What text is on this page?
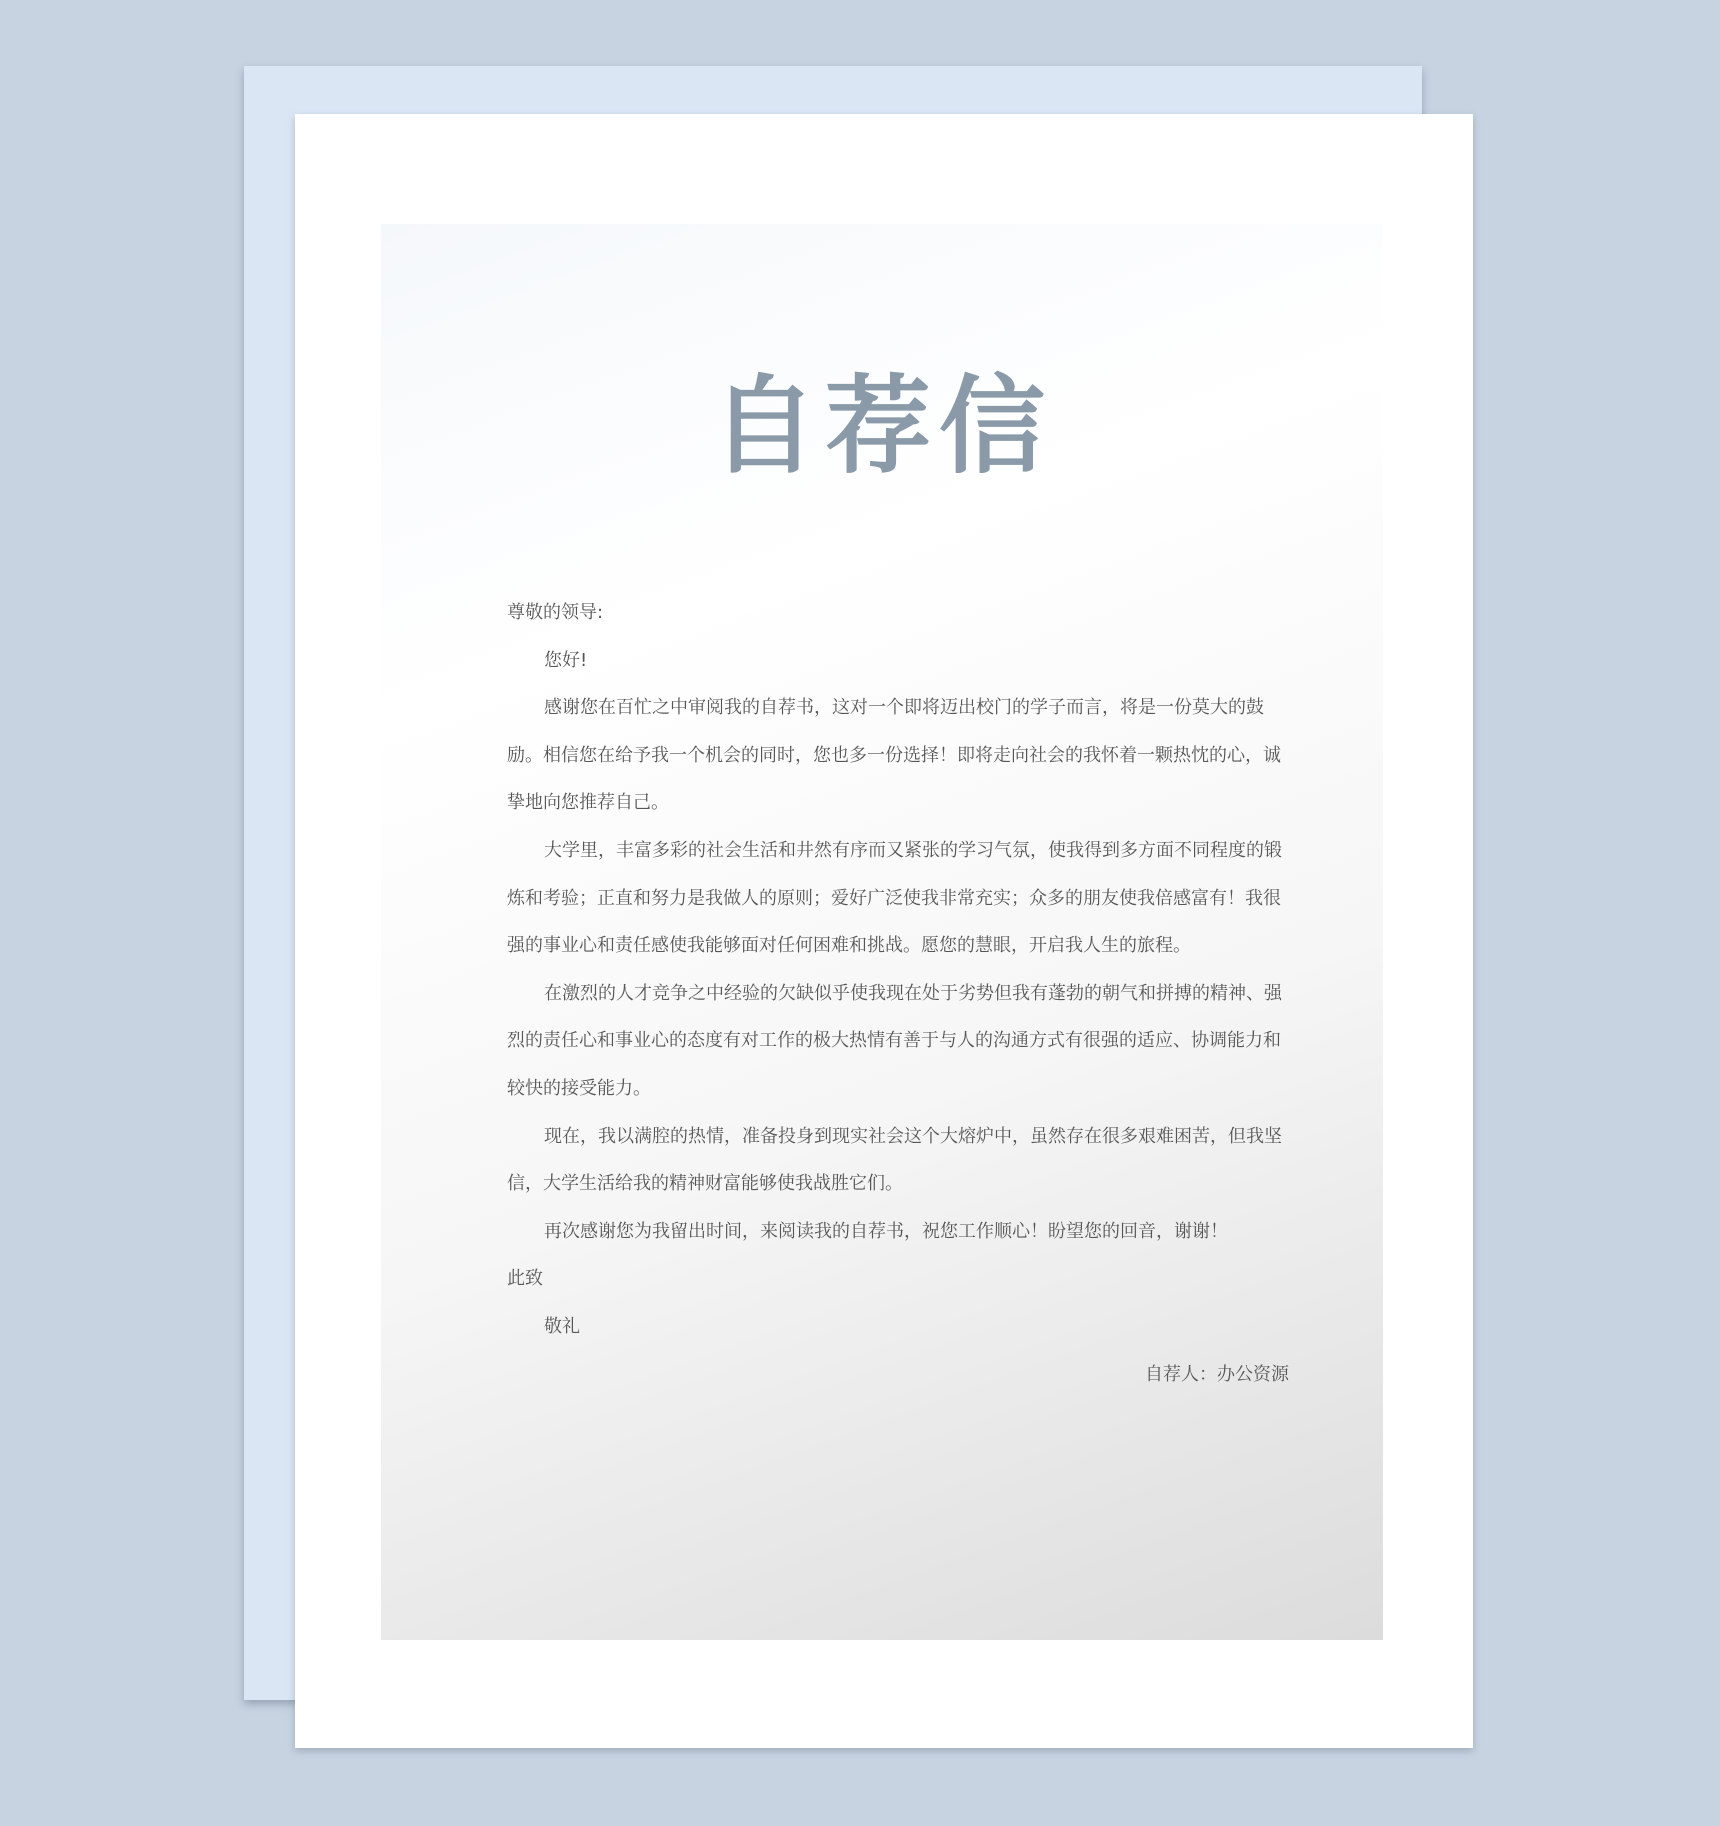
自荐信

尊敬的领导:

您好!

感谢您在百忙之中审阅我的自荐书，这对一个即将迈出校门的学子而言，将是一份莫大的鼓励。相信您在给予我一个机会的同时，您也多一份选择！即将走向社会的我怀着一颗热忱的心，诚挚地向您推荐自己。

大学里，丰富多彩的社会生活和井然有序而又紧张的学习气氛，使我得到多方面不同程度的锻炼和考验；正直和努力是我做人的原则；爱好广泛使我非常充实；众多的朋友使我倍感富有！我很强的事业心和责任感使我能够面对任何困难和挑战。愿您的慧眼，开启我人生的旅程。

在激烈的人才竞争之中经验的欠缺似乎使我现在处于劣势但我有蓬勃的朝气和拼搏的精神、强烈的责任心和事业心的态度有对工作的极大热情有善于与人的沟通方式有很强的适应、协调能力和较快的接受能力。

现在，我以满腔的热情，准备投身到现实社会这个大熔炉中，虽然存在很多艰难困苦，但我坚信，大学生活给我的精神财富能够使我战胜它们。

再次感谢您为我留出时间，来阅读我的自荐书，祝您工作顺心！盼望您的回音，谢谢！

此致

敬礼

自荐人：办公资源
